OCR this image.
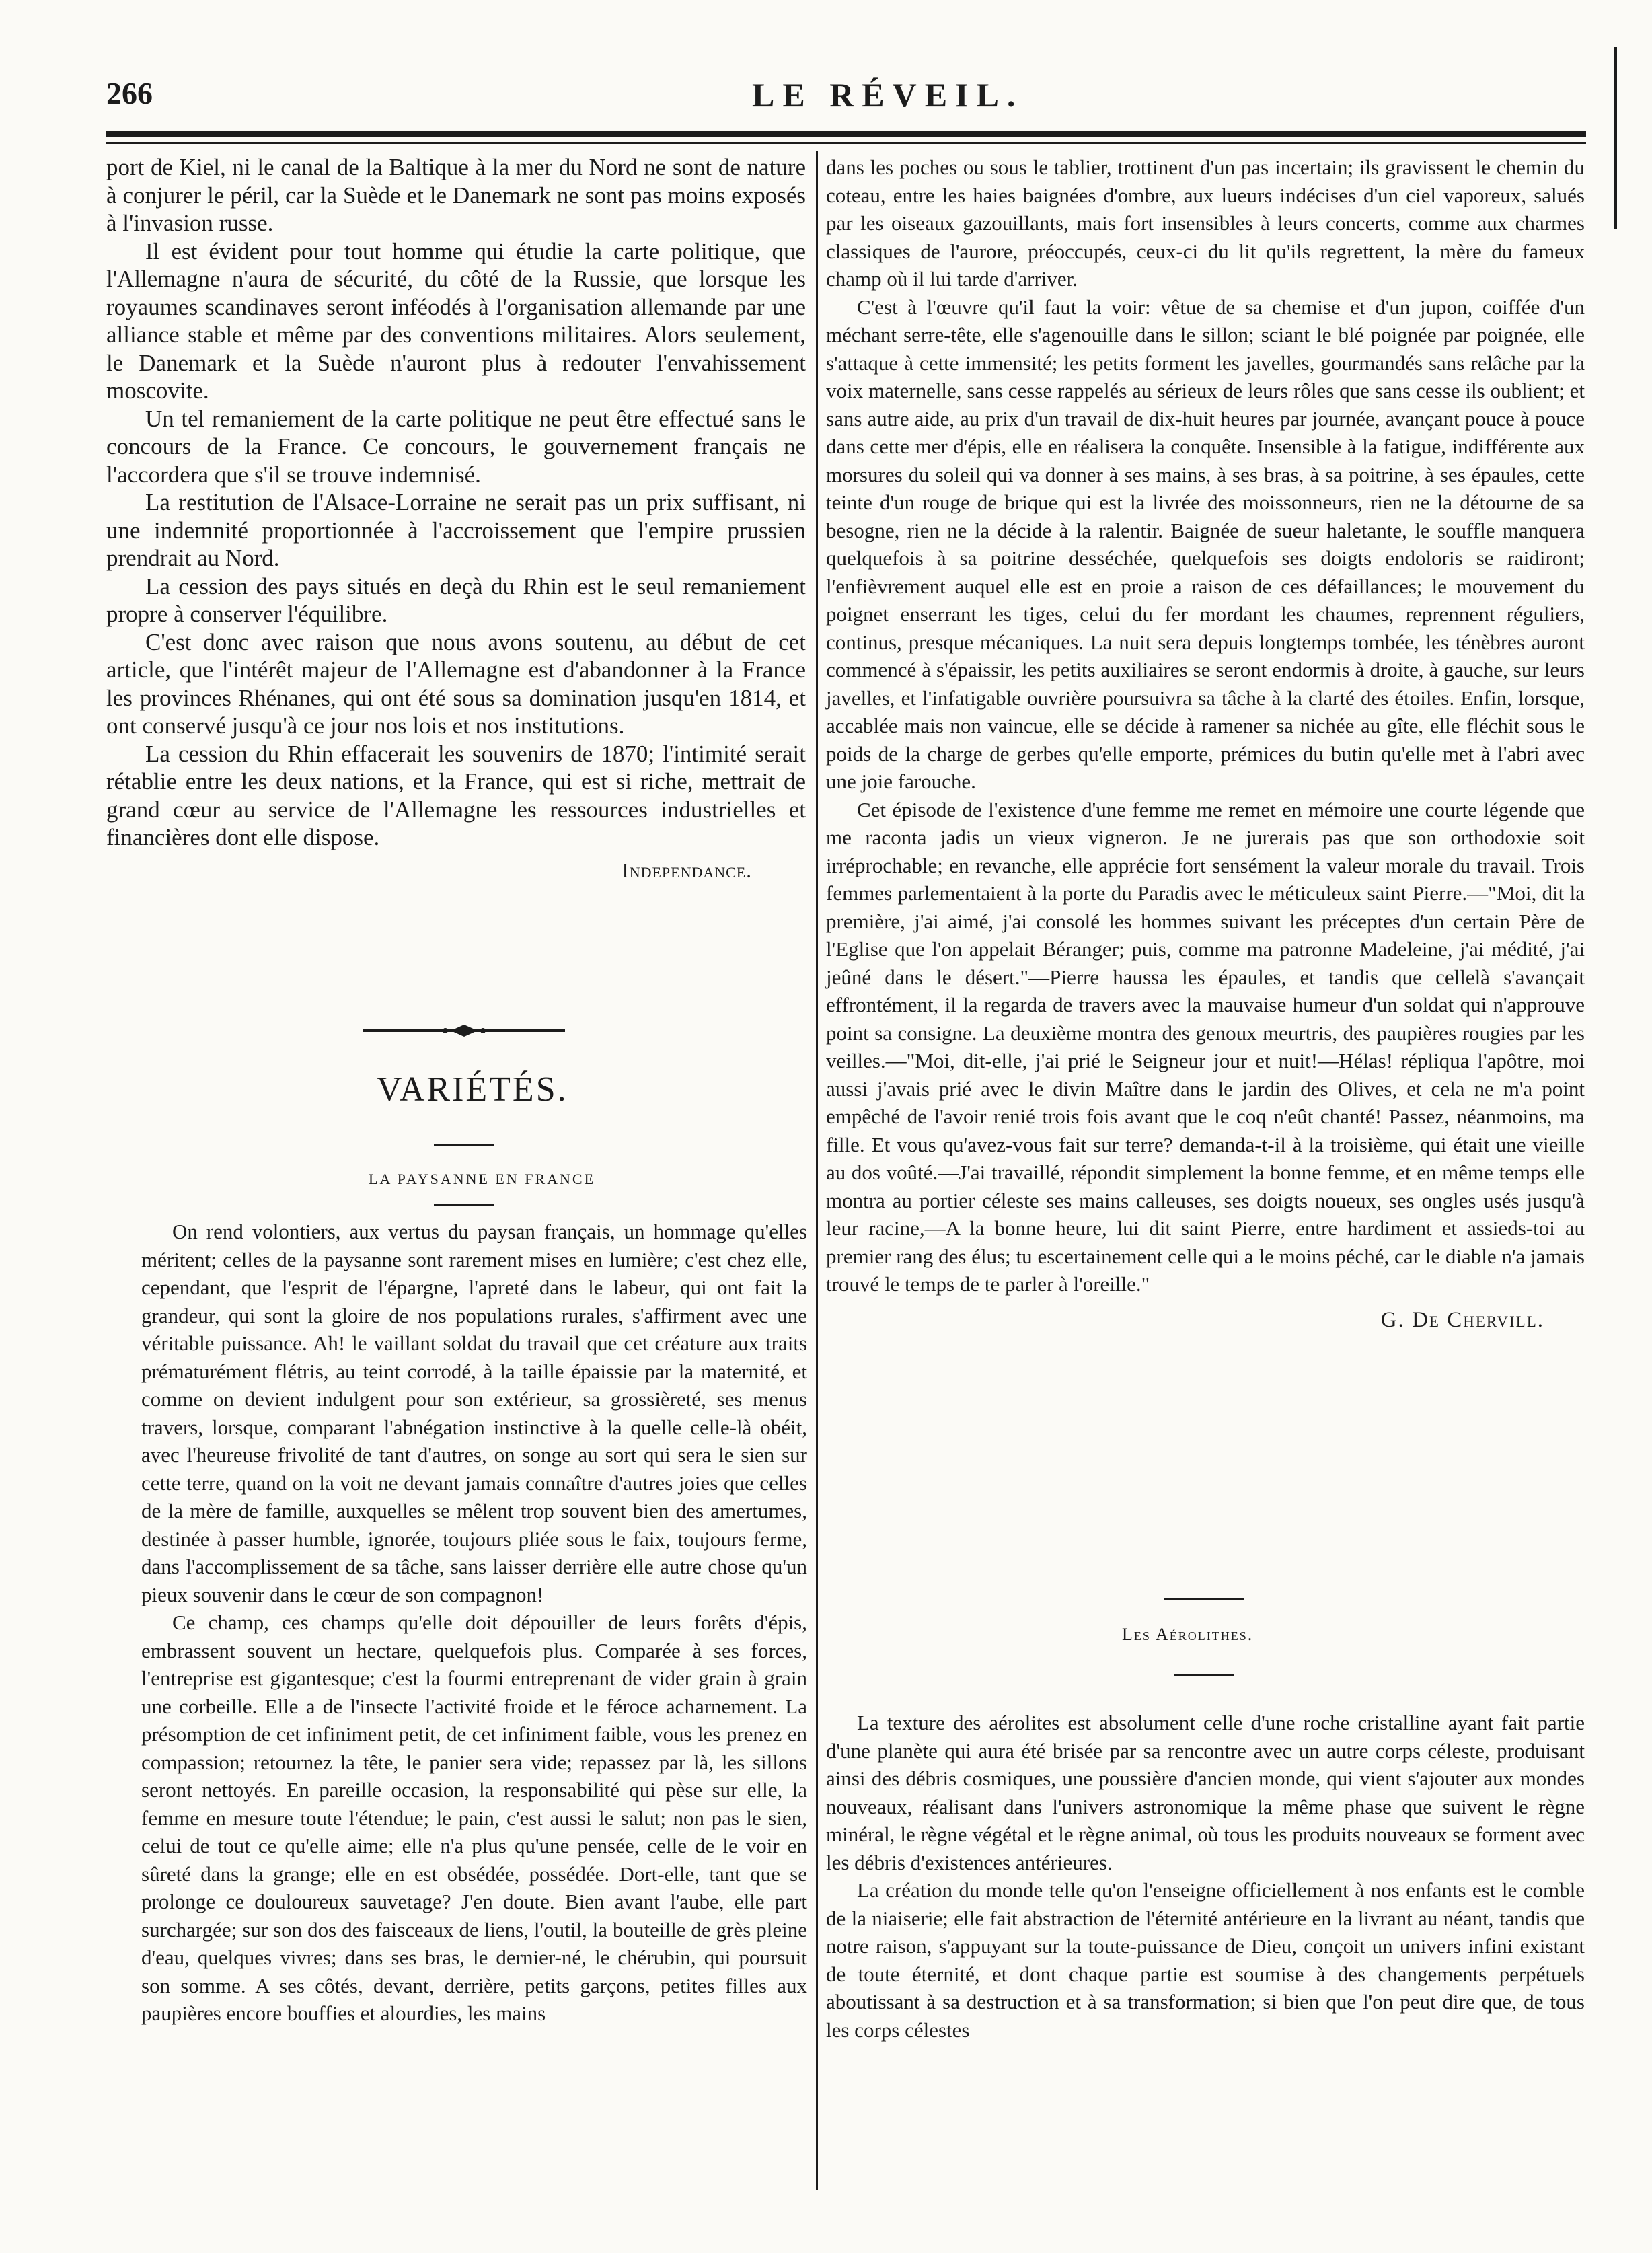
266	LE RÉVEIL.

port de Kiel, ni le canal de la Baltique à la mer du Nord ne sont de nature à conjurer le péril, car la Suède et le Danemark ne sont pas moins exposés à l'invasion russe.

Il est évident pour tout homme qui étudie la carte politique, que l'Allemagne n'aura de sécurité, du côté de la Russie, que lorsque les royaumes scandinaves seront inféodés à l'organisation allemande par une alliance stable et même par des conventions militaires. Alors seulement, le Danemark et la Suède n'auront plus à redouter l'envahissement moscovite.

Un tel remaniement de la carte politique ne peut être effectué sans le concours de la France. Ce concours, le gouvernement français ne l'accordera que s'il se trouve indemnisé.

La restitution de l'Alsace-Lorraine ne serait pas un prix suffisant, ni une indemnité proportionnée à l'accroissement que l'empire prussien prendrait au Nord.

La cession des pays situés en deçà du Rhin est le seul remaniement propre à conserver l'équilibre.

C'est donc avec raison que nous avons soutenu, au début de cet article, que l'intérêt majeur de l'Allemagne est d'abandonner à la France les provinces Rhénanes, qui ont été sous sa domination jusqu'en 1814, et ont conservé jusqu'à ce jour nos lois et nos institutions.

La cession du Rhin effacerait les souvenirs de 1870; l'intimité serait rétablie entre les deux nations, et la France, qui est si riche, mettrait de grand cœur au service de l'Allemagne les ressources industrielles et financières dont elle dispose.

Independance.
VARIÉTÉS.
LA PAYSANNE EN FRANCE

On rend volontiers, aux vertus du paysan français, un hommage qu'elles méritent; celles de la paysanne sont rarement mises en lumière; c'est chez elle, cependant, que l'esprit de l'épargne, l'apreté dans le labeur, qui ont fait la grandeur, qui sont la gloire de nos populations rurales, s'affirment avec une véritable puissance. Ah! le vaillant soldat du travail que cet créature aux traits prématurément flétris, au teint corrodé, à la taille épaissie par la maternité, et comme on devient indulgent pour son extérieur, sa grossièreté, ses menus travers, lorsque, comparant l'abnégation instinctive à la quelle celle-là obéit, avec l'heureuse frivolité de tant d'autres, on songe au sort qui sera le sien sur cette terre, quand on la voit ne devant jamais connaître d'autres joies que celles de la mère de famille, auxquelles se mêlent trop souvent bien des amertumes, destinée à passer humble, ignorée, toujours pliée sous le faix, toujours ferme, dans l'accomplissement de sa tâche, sans laisser derrière elle autre chose qu'un pieux souvenir dans le cœur de son compagnon!

Ce champ, ces champs qu'elle doit dépouiller de leurs forêts d'épis, embrassent souvent un hectare, quelquefois plus. Comparée à ses forces, l'entreprise est gigantesque; c'est la fourmi entreprenant de vider grain à grain une corbeille. Elle a de l'insecte l'activité froide et le féroce acharnement. La présomption de cet infiniment petit, de cet infiniment faible, vous les prenez en compassion; retournez la tête, le panier sera vide; repassez par là, les sillons seront nettoyés. En pareille occasion, la responsabilité qui pèse sur elle, la femme en mesure toute l'étendue; le pain, c'est aussi le salut; non pas le sien, celui de tout ce qu'elle aime; elle n'a plus qu'une pensée, celle de le voir en sûreté dans la grange; elle en est obsédée, possédée. Dort-elle, tant que se prolonge ce douloureux sauvetage? J'en doute. Bien avant l'aube, elle part surchargée; sur son dos des faisceaux de liens, l'outil, la bouteille de grès pleine d'eau, quelques vivres; dans ses bras, le dernier-né, le chérubin, qui poursuit son somme. A ses côtés, devant, derrière, petits garçons, petites filles aux paupières encore bouffies et alourdies, les mains

dans les poches ou sous le tablier, trottinent d'un pas incertain; ils gravissent le chemin du coteau, entre les haies baignées d'ombre, aux lueurs indécises d'un ciel vaporeux, salués par les oiseaux gazouillants, mais fort insensibles à leurs concerts, comme aux charmes classiques de l'aurore, préoccupés, ceux-ci du lit qu'ils regrettent, la mère du fameux champ où il lui tarde d'arriver.

C'est à l'œuvre qu'il faut la voir: vêtue de sa chemise et d'un jupon, coiffée d'un méchant serre-tête, elle s'agenouille dans le sillon; sciant le blé poignée par poignée, elle s'attaque à cette immensité; les petits forment les javelles, gourmandés sans relâche par la voix maternelle, sans cesse rappelés au sérieux de leurs rôles que sans cesse ils oublient; et sans autre aide, au prix d'un travail de dix-huit heures par journée, avançant pouce à pouce dans cette mer d'épis, elle en réalisera la conquête. Insensible à la fatigue, indifférente aux morsures du soleil qui va donner à ses mains, à ses bras, à sa poitrine, à ses épaules, cette teinte d'un rouge de brique qui est la livrée des moissonneurs, rien ne la détourne de sa besogne, rien ne la décide à la ralentir. Baignée de sueur haletante, le souffle manquera quelquefois à sa poitrine desséchée, quelquefois ses doigts endoloris se raidiront; l'enfièvrement auquel elle est en proie a raison de ces défaillances; le mouvement du poignet enserrant les tiges, celui du fer mordant les chaumes, reprennent réguliers, continus, presque mécaniques. La nuit sera depuis longtemps tombée, les ténèbres auront commencé à s'épaissir, les petits auxiliaires se seront endormis à droite, à gauche, sur leurs javelles, et l'infatigable ouvrière poursuivra sa tâche à la clarté des étoiles. Enfin, lorsque, accablée mais non vaincue, elle se décide à ramener sa nichée au gîte, elle fléchit sous le poids de la charge de gerbes qu'elle emporte, prémices du butin qu'elle met à l'abri avec une joie farouche.

Cet épisode de l'existence d'une femme me remet en mémoire une courte légende que me raconta jadis un vieux vigneron. Je ne jurerais pas que son orthodoxie soit irréprochable; en revanche, elle apprécie fort sensément la valeur morale du travail. Trois femmes parlementaient à la porte du Paradis avec le méticuleux saint Pierre.—"Moi, dit la première, j'ai aimé, j'ai consolé les hommes suivant les préceptes d'un certain Père de l'Eglise que l'on appelait Béranger; puis, comme ma patronne Madeleine, j'ai médité, j'ai jeûné dans le désert."—Pierre haussa les épaules, et tandis que cellelà s'avançait effrontément, il la regarda de travers avec la mauvaise humeur d'un soldat qui n'approuve point sa consigne. La deuxième montra des genoux meurtris, des paupières rougies par les veilles.—"Moi, dit-elle, j'ai prié le Seigneur jour et nuit!—Hélas! répliqua l'apôtre, moi aussi j'avais prié avec le divin Maître dans le jardin des Olives, et cela ne m'a point empêché de l'avoir renié trois fois avant que le coq n'eût chanté! Passez, néanmoins, ma fille. Et vous qu'avez-vous fait sur terre? demanda-t-il à la troisième, qui était une vieille au dos voûté.—J'ai travaillé, répondit simplement la bonne femme, et en même temps elle montra au portier céleste ses mains calleuses, ses doigts noueux, ses ongles usés jusqu'à leur racine,—A la bonne heure, lui dit saint Pierre, entre hardiment et assieds-toi au premier rang des élus; tu escertainement celle qui a le moins péché, car le diable n'a jamais trouvé le temps de te parler à l'oreille."

G. De Chervill.
Les Aérolithes.

La texture des aérolites est absolument celle d'une roche cristalline ayant fait partie d'une planète qui aura été brisée par sa rencontre avec un autre corps céleste, produisant ainsi des débris cosmiques, une poussière d'ancien monde, qui vient s'ajouter aux mondes nouveaux, réalisant dans l'univers astronomique la même phase que suivent le règne minéral, le règne végétal et le règne animal, où tous les produits nouveaux se forment avec les débris d'existences antérieures.

La création du monde telle qu'on l'enseigne officiellement à nos enfants est le comble de la niaiserie; elle fait abstraction de l'éternité antérieure en la livrant au néant, tandis que notre raison, s'appuyant sur la toute-puissance de Dieu, conçoit un univers infini existant de toute éternité, et dont chaque partie est soumise à des changements perpétuels aboutissant à sa destruction et à sa transformation; si bien que l'on peut dire que, de tous les corps célestes
